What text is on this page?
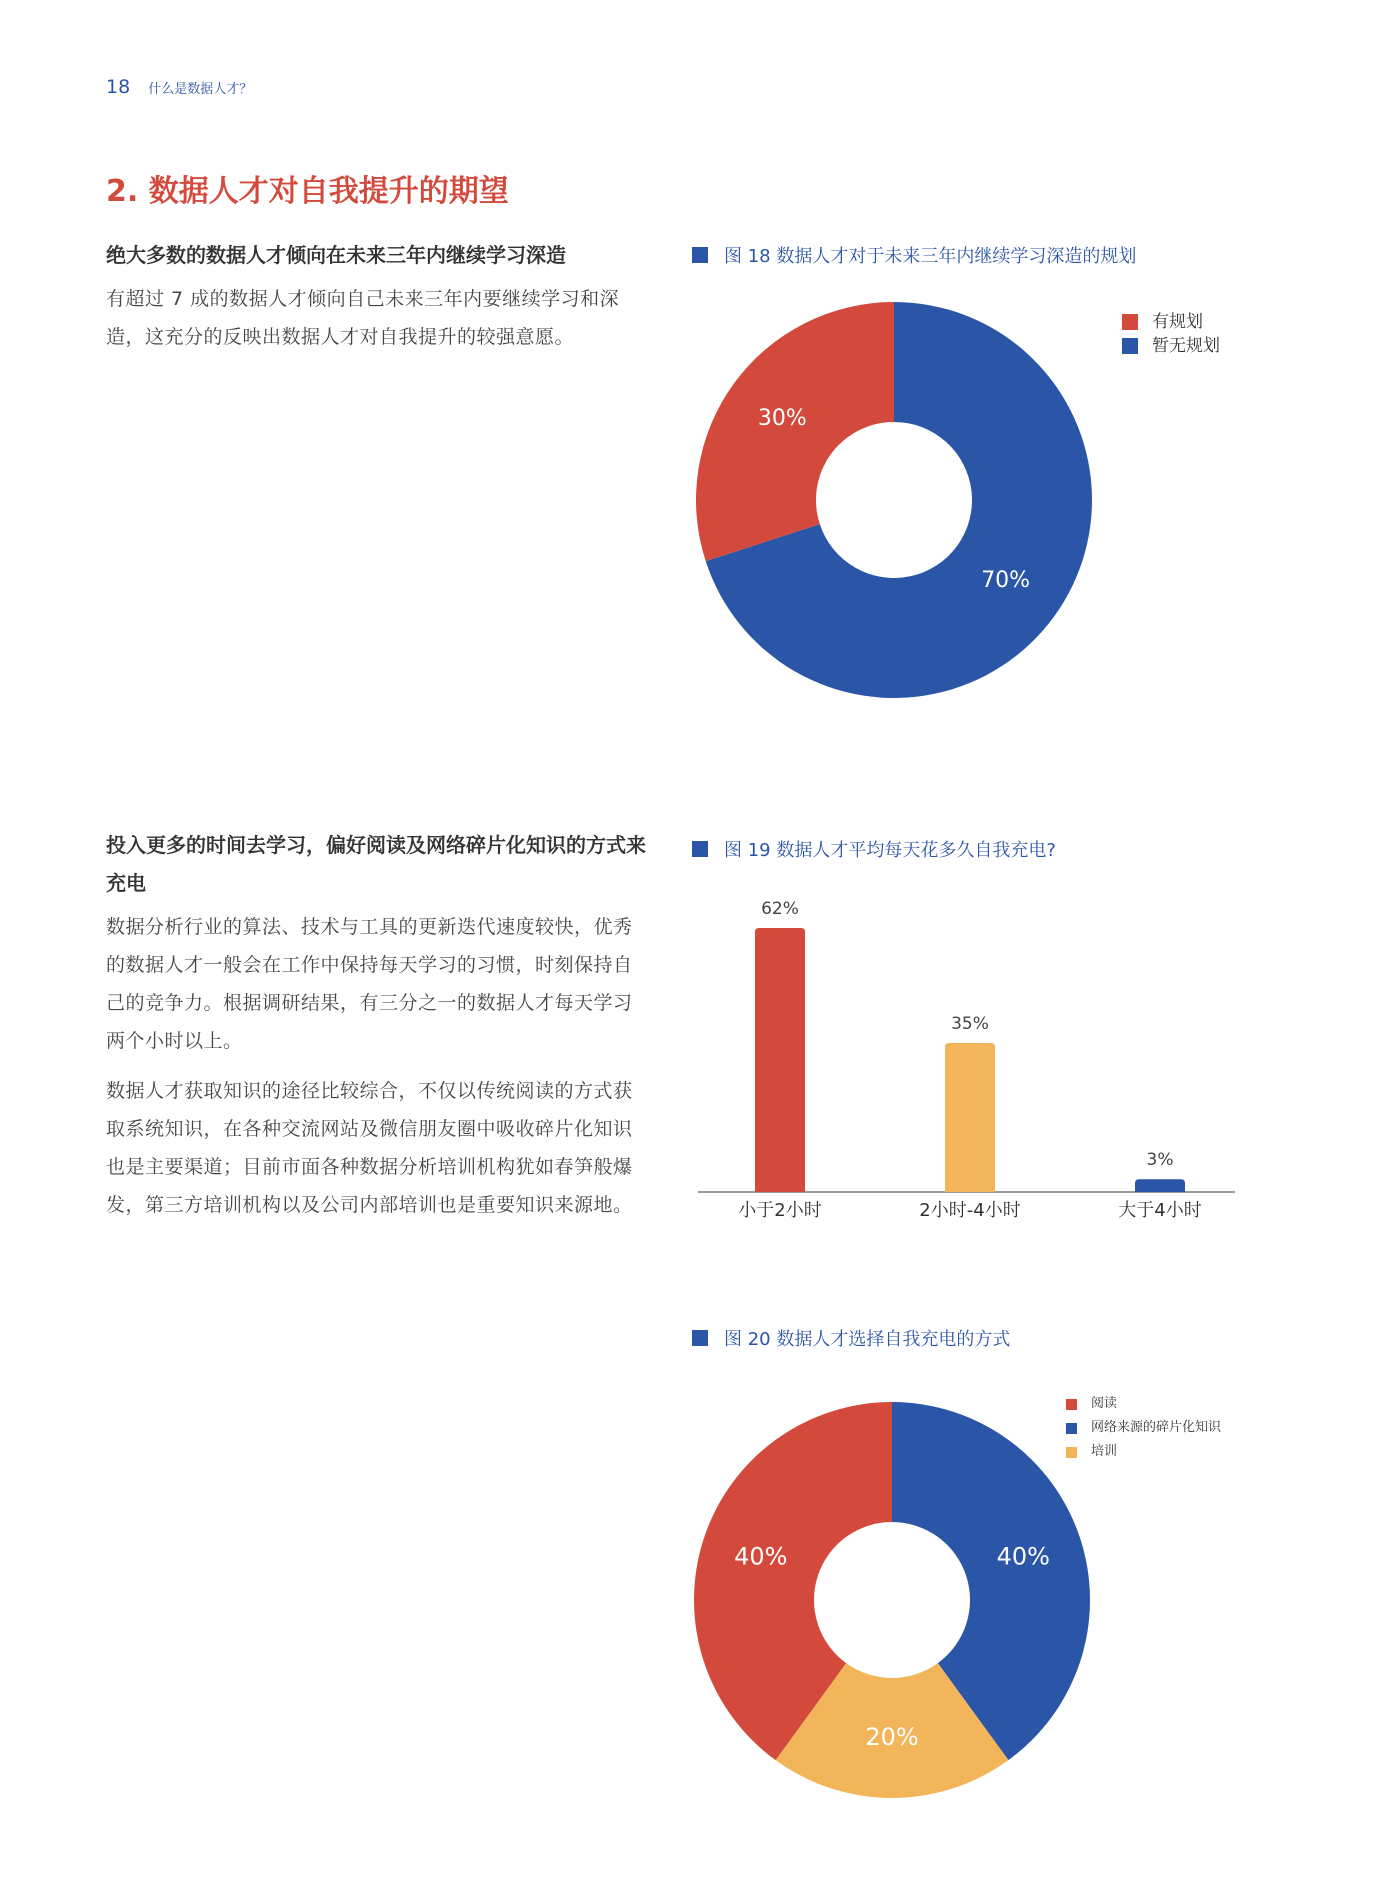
18 什么是数据人才？
2. 数据人才对自我提升的期望

绝大多数的数据人才倾向在未来三年内继续学习深造

有超过 7 成的数据人才倾向自己未来三年内要继续学习和深造，这充分的反映出数据人才对自我提升的较强意愿。

投入更多的时间去学习，偏好阅读及网络碎片化知识的方式来充电

数据分析行业的算法、技术与工具的更新迭代速度较快，优秀的数据人才一般会在工作中保持每天学习的习惯，时刻保持自己的竞争力。根据调研结果，有三分之一的数据人才每天学习两个小时以上。

数据人才获取知识的途径比较综合，不仅以传统阅读的方式获取系统知识，在各种交流网站及微信朋友圈中吸收碎片化知识也是主要渠道；目前市面各种数据分析培训机构犹如春笋般爆发，第三方培训机构以及公司内部培训也是重要知识来源地。

图 18 数据人才对于未来三年内继续学习深造的规划
70%
30%
有规划
暂无规划
图 19 数据人才平均每天花多久自我充电?
62%
小于2小时
35%
2小时-4小时
3%
大于4小时
图 20 数据人才选择自我充电的方式
40%
20%
40%
阅读
网络来源的碎片化知识
培训
